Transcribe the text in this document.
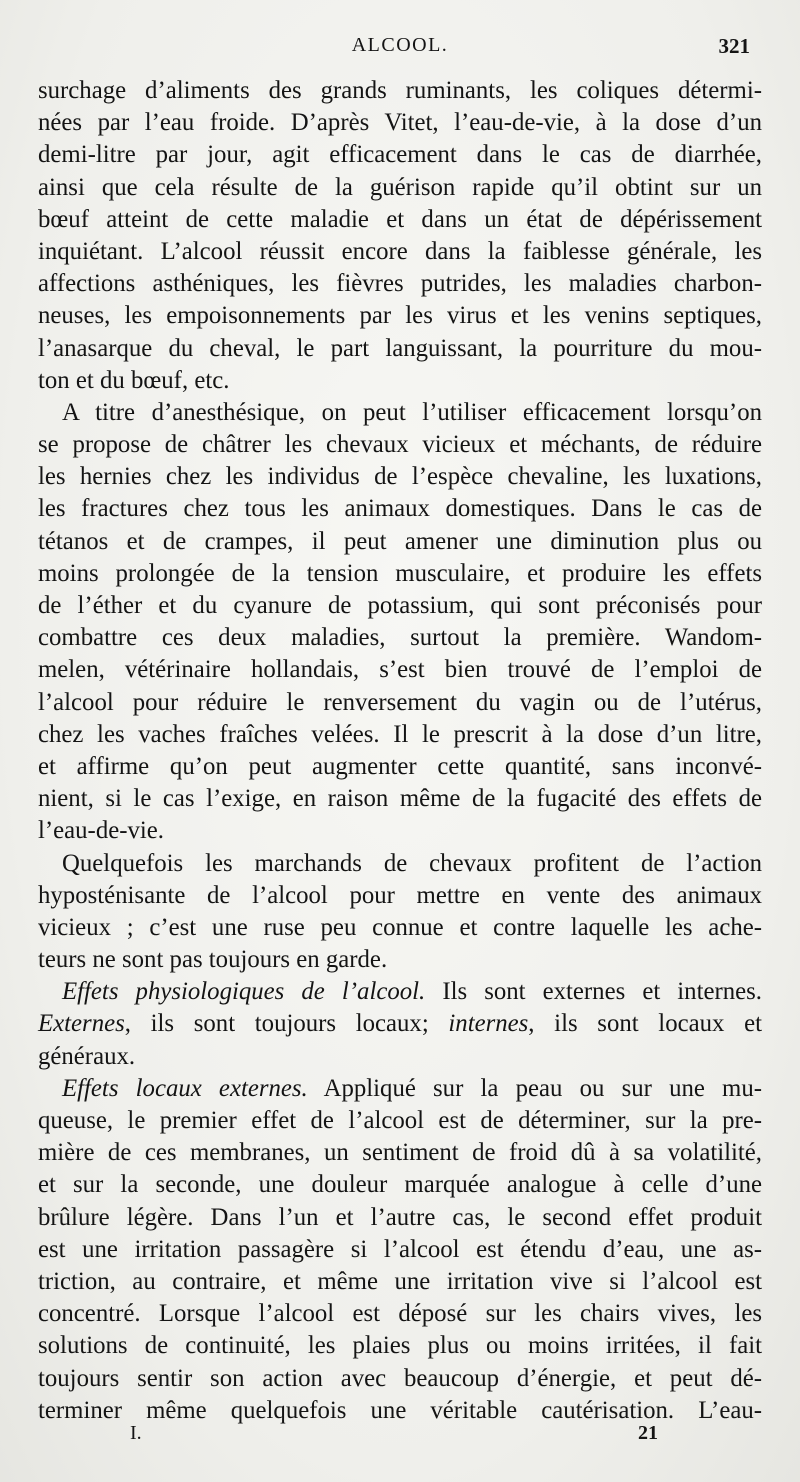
ALCOOL.	321
surchage d’aliments des grands ruminants, les coliques détermi-
nées par l’eau froide. D’après Vitet, l’eau-de-vie, à la dose d’un
demi-litre par jour, agit efficacement dans le cas de diarrhée,
ainsi que cela résulte de la guérison rapide qu’il obtint sur un
bœuf atteint de cette maladie et dans un état de dépérissement
inquiétant. L’alcool réussit encore dans la faiblesse générale, les
affections asthéniques, les fièvres putrides, les maladies charbon-
neuses, les empoisonnements par les virus et les venins septiques,
l’anasarque du cheval, le part languissant, la pourriture du mou-
ton et du bœuf, etc.
A titre d’anesthésique, on peut l’utiliser efficacement lorsqu’on
se propose de châtrer les chevaux vicieux et méchants, de réduire
les hernies chez les individus de l’espèce chevaline, les luxations,
les fractures chez tous les animaux domestiques. Dans le cas de
tétanos et de crampes, il peut amener une diminution plus ou
moins prolongée de la tension musculaire, et produire les effets
de l’éther et du cyanure de potassium, qui sont préconisés pour
combattre ces deux maladies, surtout la première. Wandom-
melen, vétérinaire hollandais, s’est bien trouvé de l’emploi de
l’alcool pour réduire le renversement du vagin ou de l’utérus,
chez les vaches fraîches velées. Il le prescrit à la dose d’un litre,
et affirme qu’on peut augmenter cette quantité, sans inconvé-
nient, si le cas l’exige, en raison même de la fugacité des effets de
l’eau-de-vie.
Quelquefois les marchands de chevaux profitent de l’action
hyposténisante de l’alcool pour mettre en vente des animaux
vicieux ; c’est une ruse peu connue et contre laquelle les ache-
teurs ne sont pas toujours en garde.
Effets physiologiques de l’alcool. Ils sont externes et internes.
Externes, ils sont toujours locaux; internes, ils sont locaux et
généraux.
Effets locaux externes. Appliqué sur la peau ou sur une mu-
queuse, le premier effet de l’alcool est de déterminer, sur la pre-
mière de ces membranes, un sentiment de froid dû à sa volatilité,
et sur la seconde, une douleur marquée analogue à celle d’une
brûlure légère. Dans l’un et l’autre cas, le second effet produit
est une irritation passagère si l’alcool est étendu d’eau, une as-
triction, au contraire, et même une irritation vive si l’alcool est
concentré. Lorsque l’alcool est déposé sur les chairs vives, les
solutions de continuité, les plaies plus ou moins irritées, il fait
toujours sentir son action avec beaucoup d’énergie, et peut dé-
terminer même quelquefois une véritable cautérisation. L’eau-
I.	21
